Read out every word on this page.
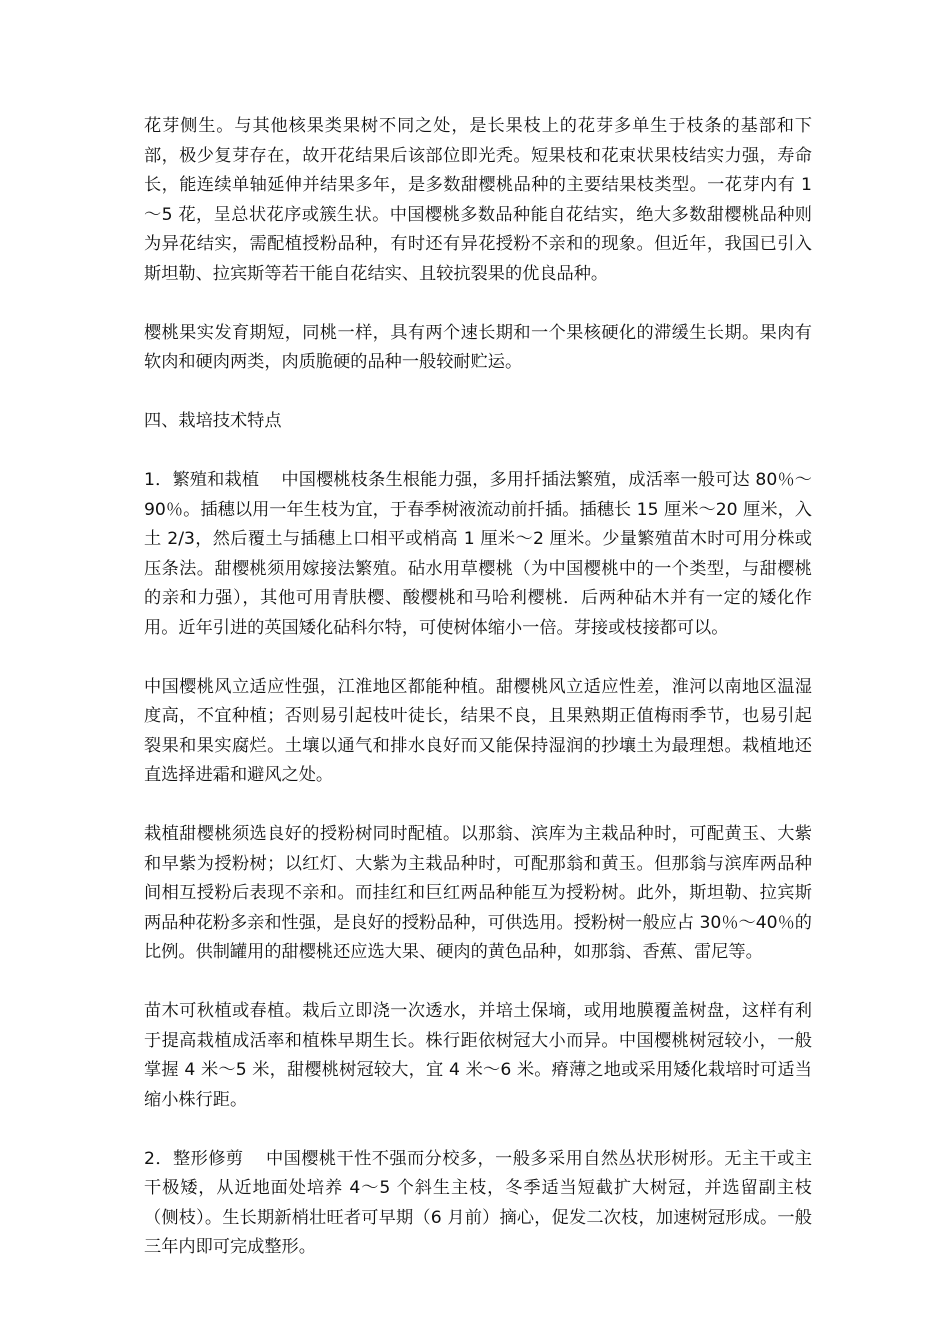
花芽侧生。与其他核果类果树不同之处，是长果枝上的花芽多单生于枝条的基部和下部，极少复芽存在，故开花结果后该部位即光秃。短果枝和花束状果枝结实力强，寿命长，能连续单轴延伸并结果多年，是多数甜樱桃品种的主要结果枝类型。一花芽内有 1～5 花，呈总状花序或簇生状。中国樱桃多数品种能自花结实，绝大多数甜樱桃品种则为异花结实，需配植授粉品种，有时还有异花授粉不亲和的现象。但近年，我国已引入斯坦勒、拉宾斯等若干能自花结实、且较抗裂果的优良品种。

樱桃果实发育期短，同桃一样，具有两个速长期和一个果核硬化的滞缓生长期。果肉有软肉和硬肉两类，肉质脆硬的品种一般较耐贮运。

四、栽培技术特点

1．繁殖和栽植 中国樱桃枝条生根能力强，多用扦插法繁殖，成活率一般可达 80％～90％。插穗以用一年生枝为宜，于春季树液流动前扦插。插穗长 15 厘米～20 厘米，入土 2/3，然后覆土与插穗上口相平或梢高 1 厘米～2 厘米。少量繁殖苗木时可用分株或压条法。甜樱桃须用嫁接法繁殖。砧水用草樱桃（为中国樱桃中的一个类型，与甜樱桃的亲和力强），其他可用青肤樱、酸樱桃和马哈利樱桃．后两种砧木并有一定的矮化作用。近年引进的英国矮化砧科尔特，可使树体缩小一倍。芽接或枝接都可以。

中国樱桃风立适应性强，江淮地区都能种植。甜樱桃风立适应性差，淮河以南地区温湿度高，不宜种植；否则易引起枝叶徒长，结果不良，且果熟期正值梅雨季节，也易引起裂果和果实腐烂。土壤以通气和排水良好而又能保持湿润的抄壤土为最理想。栽植地还直选择进霜和避风之处。

栽植甜樱桃须选良好的授粉树同时配植。以那翁、滨库为主栽品种时，可配黄玉、大紫和早紫为授粉树；以红灯、大紫为主栽品种时，可配那翁和黄玉。但那翁与滨库两品种间相互授粉后表现不亲和。而挂红和巨红两品种能互为授粉树。此外，斯坦勒、拉宾斯两品种花粉多亲和性强，是良好的授粉品种，可供选用。授粉树一般应占 30％～40％的比例。供制罐用的甜樱桃还应选大果、硬肉的黄色品种，如那翁、香蕉、雷尼等。

苗木可秋植或春植。栽后立即浇一次透水，并培土保墒，或用地膜覆盖树盘，这样有利于提高栽植成活率和植株早期生长。株行距依树冠大小而异。中国樱桃树冠较小，一般掌握 4 米～5 米，甜樱桃树冠较大，宜 4 米～6 米。瘠薄之地或采用矮化栽培时可适当缩小株行距。

2．整形修剪 中国樱桃干性不强而分校多，一般多采用自然丛状形树形。无主干或主干极矮，从近地面处培养 4～5 个斜生主枝，冬季适当短截扩大树冠，并选留副主枝（侧枝）。生长期新梢壮旺者可早期（6 月前）摘心，促发二次枝，加速树冠形成。一般三年内即可完成整形。
